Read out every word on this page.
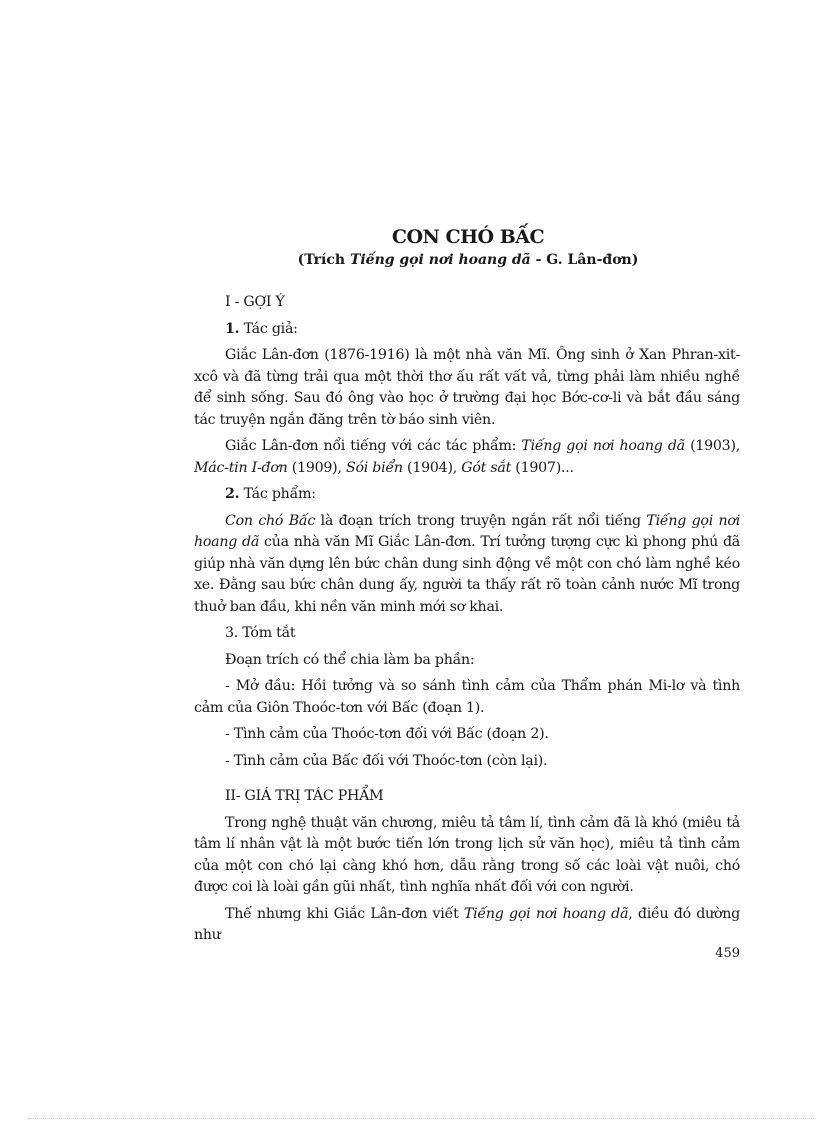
CON CHÓ BẤC
(Trích Tiếng gọi nơi hoang dã - G. Lân-đơn)

I - GỢI Ý

1. Tác giả:

Giắc Lân-đơn (1876-1916) là một nhà văn Mĩ. Ông sinh ở Xan Phran-xit-xcô và đã từng trải qua một thời thơ ấu rất vất vả, từng phải làm nhiều nghề để sinh sống. Sau đó ông vào học ở trường đại học Bớc-cơ-li và bắt đầu sáng tác truyện ngắn đăng trên tờ báo sinh viên.

Giắc Lân-đơn nổi tiếng với các tác phẩm: Tiếng gọi nơi hoang dã (1903), Mác-tin I-đơn (1909), Sói biển (1904), Gót sắt (1907)...

2. Tác phẩm:

Con chó Bấc là đoạn trích trong truyện ngắn rất nổi tiếng Tiếng gọi nơi hoang dã của nhà văn Mĩ Giắc Lân-đơn. Trí tưởng tượng cực kì phong phú đã giúp nhà văn dựng lên bức chân dung sinh động về một con chó làm nghề kéo xe. Đằng sau bức chân dung ấy, người ta thấy rất rõ toàn cảnh nước Mĩ trong thuở ban đầu, khi nền văn minh mới sơ khai.

3. Tóm tắt

Đoạn trích có thể chia làm ba phần:

- Mở đầu: Hồi tưởng và so sánh tình cảm của Thẩm phán Mi-lơ và tình cảm của Giôn Thoóc-tơn với Bấc (đoạn 1).

- Tình cảm của Thoóc-tơn đối với Bấc (đoạn 2).

- Tình cảm của Bấc đối với Thoóc-tơn (còn lại).

II- GIÁ TRỊ TÁC PHẨM

Trong nghệ thuật văn chương, miêu tả tâm lí, tình cảm đã là khó (miêu tả tâm lí nhân vật là một bước tiến lớn trong lịch sử văn học), miêu tả tình cảm của một con chó lại càng khó hơn, dẫu rằng trong số các loài vật nuôi, chó được coi là loài gần gũi nhất, tình nghĩa nhất đối với con người.

Thế nhưng khi Giắc Lân-đơn viết Tiếng gọi nơi hoang dã, điều đó dường như

459
